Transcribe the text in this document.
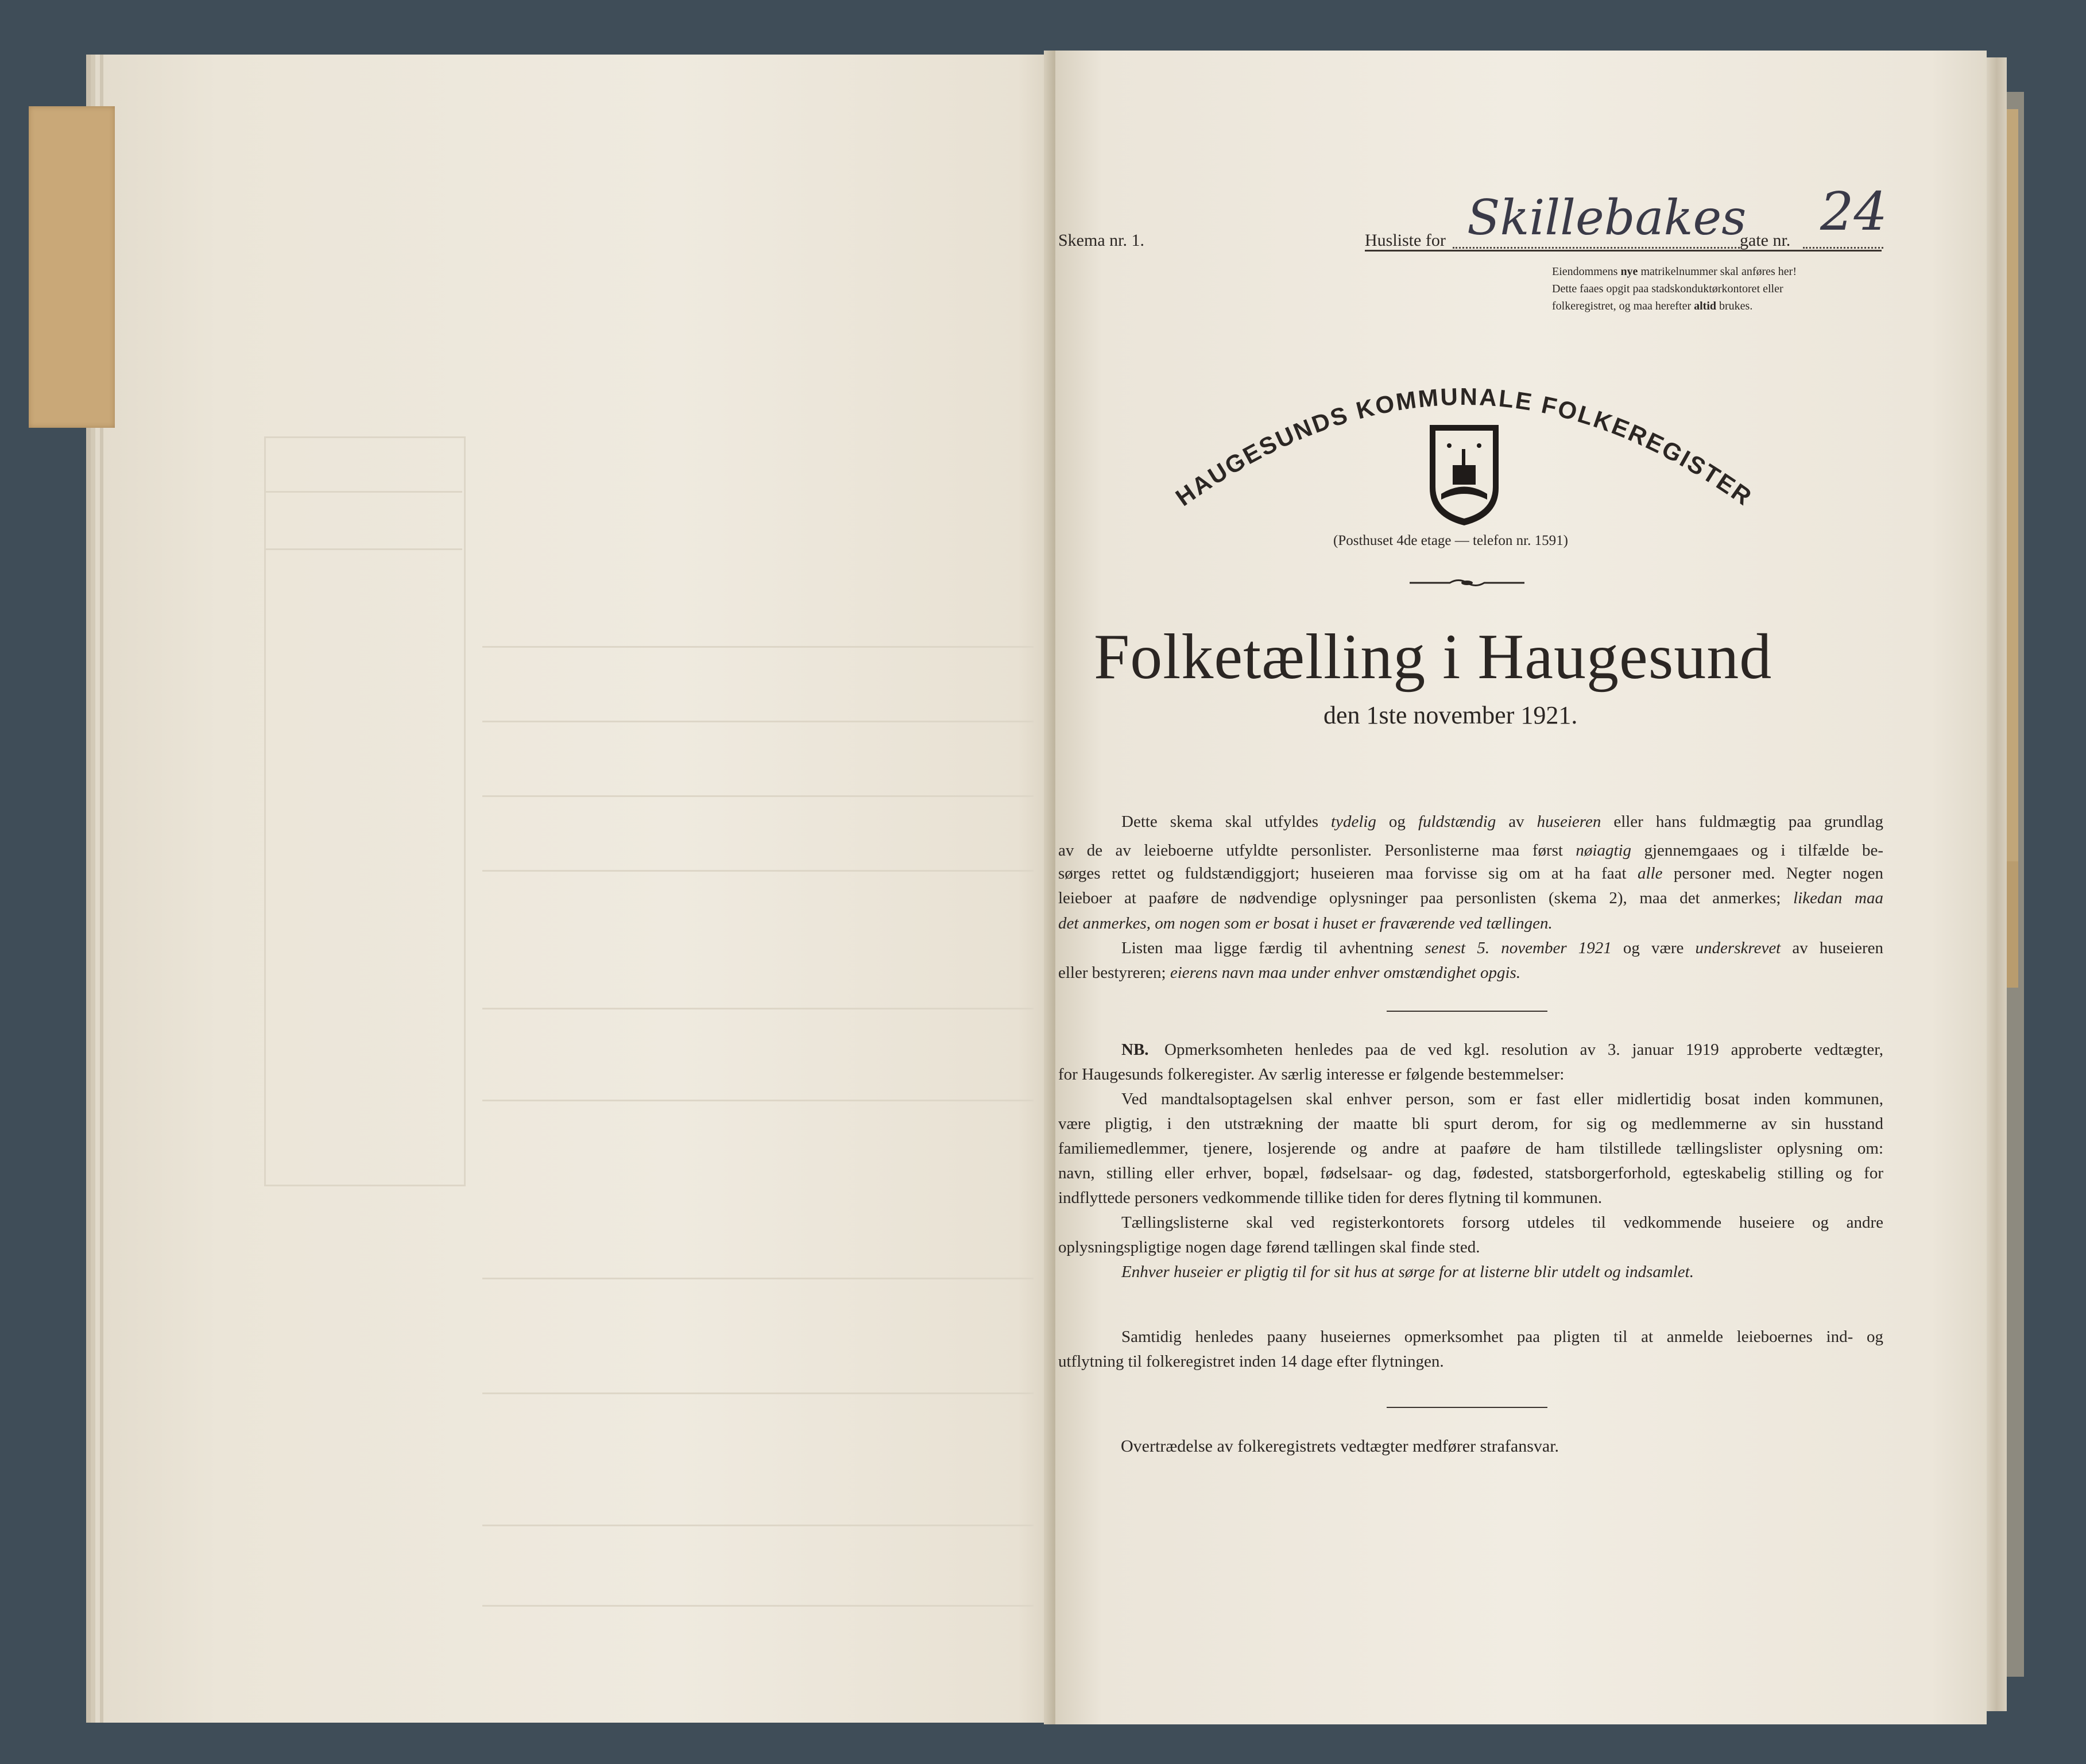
Skema nr. 1.	Husliste for Skillebakes
gate nr. 24
Eiendommens nye matrikelnummer skal anføres her!
Dette faaes opgit paa stadskonduktørkontoret eller
folkeregistret, og maa herefter altid brukes.
HAUGESUNDS KOMMUNALE FOLKEREGISTER
(Posthuset 4de etage — telefon nr. 1591)
Folketælling i Haugesund
den 1ste november 1921.
Dette skema skal utfyldes tydelig og fuldstændig av huseieren eller hans fuldmægtig paa grundlag
av de av leieboerne utfyldte personlister. Personlisterne maa først nøiagtig gjennemgaaes og i tilfælde be-
sørges rettet og fuldstændiggjort; huseieren maa forvisse sig om at ha faat alle personer med. Negter nogen
leieboer at paaføre de nødvendige oplysninger paa personlisten (skema 2), maa det anmerkes; likedan maa
det anmerkes, om nogen som er bosat i huset er fraværende ved tællingen.
Listen maa ligge færdig til avhentning senest 5. november 1921 og være underskrevet av huseieren
eller bestyreren; eierens navn maa under enhver omstændighet opgis.
NB. Opmerksomheten henledes paa de ved kgl. resolution av 3. januar 1919 approberte vedtægter,
for Haugesunds folkeregister. Av særlig interesse er følgende bestemmelser:
Ved mandtalsoptagelsen skal enhver person, som er fast eller midlertidig bosat inden kommunen,
være pligtig, i den utstrækning der maatte bli spurt derom, for sig og medlemmerne av sin husstand
familiemedlemmer, tjenere, losjerende og andre at paaføre de ham tilstillede tællingslister oplysning om:
navn, stilling eller erhver, bopæl, fødselsaar- og dag, fødested, statsborgerforhold, egteskabelig stilling og for
indflyttede personers vedkommende tillike tiden for deres flytning til kommunen.
Tællingslisterne skal ved registerkontorets forsorg utdeles til vedkommende huseiere og andre
oplysningspligtige nogen dage førend tællingen skal finde sted.
Enhver huseier er pligtig til for sit hus at sørge for at listerne blir utdelt og indsamlet.
Samtidig henledes paany huseiernes opmerksomhet paa pligten til at anmelde leieboernes ind- og
utflytning til folkeregistret inden 14 dage efter flytningen.
Overtrædelse av folkeregistrets vedtægter medfører strafansvar.
